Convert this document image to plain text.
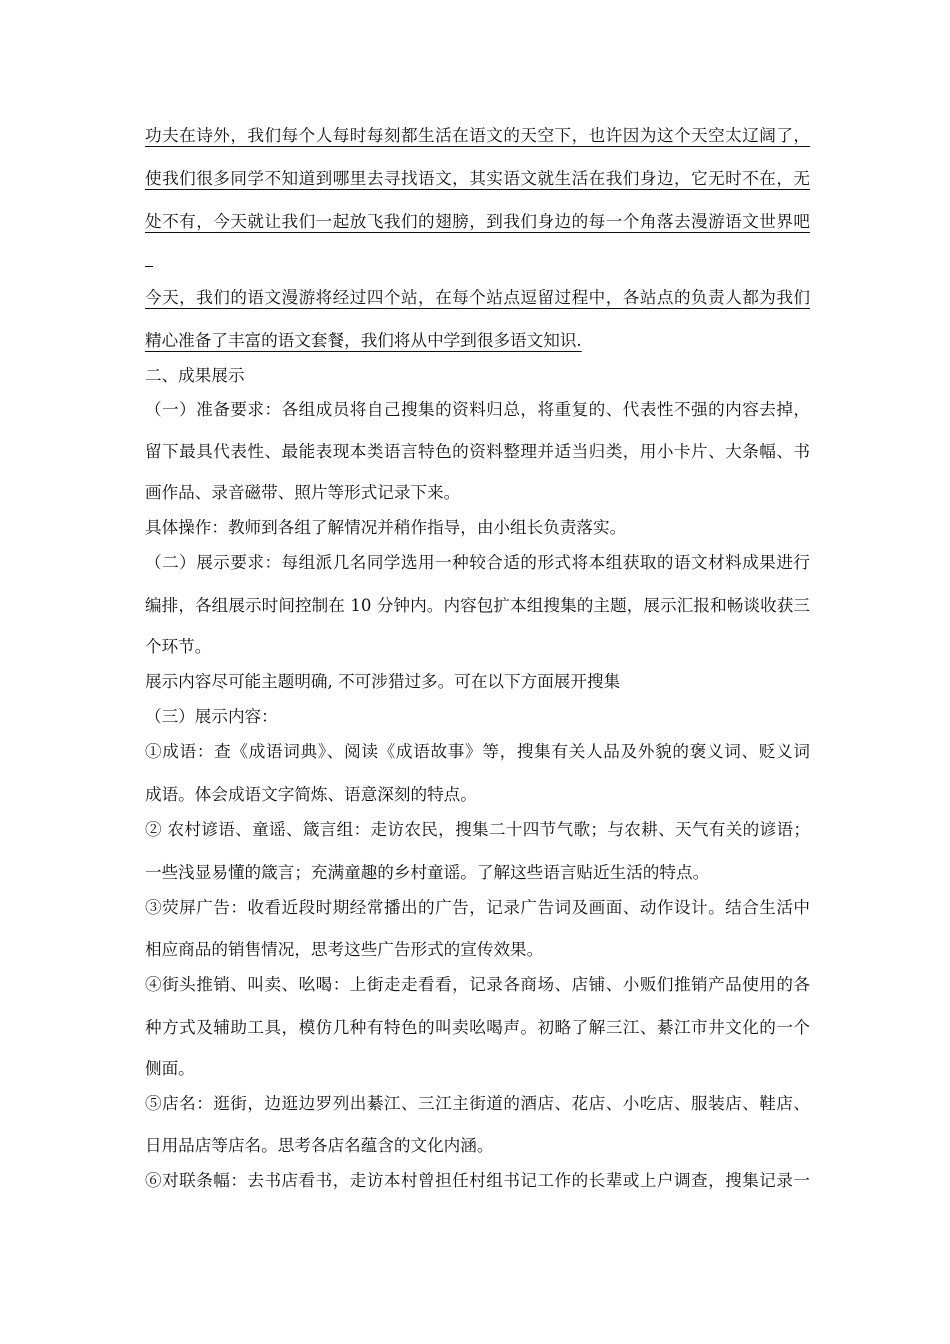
功夫在诗外，我们每个人每时每刻都生活在语文的天空下，也许因为这个天空太辽阔了，
使我们很多同学不知道到哪里去寻找语文，其实语文就生活在我们身边，它无时不在，无
处不有，今天就让我们一起放飞我们的翅膀，到我们身边的每一个角落去漫游语文世界吧
今天，我们的语文漫游将经过四个站，在每个站点逗留过程中，各站点的负责人都为我们
精心准备了丰富的语文套餐，我们将从中学到很多语文知识.
二、成果展示
（一）准备要求：各组成员将自己搜集的资料归总，将重复的、代表性不强的内容去掉，
留下最具代表性、最能表现本类语言特色的资料整理并适当归类，用小卡片、大条幅、书
画作品、录音磁带、照片等形式记录下来。
具体操作：教师到各组了解情况并稍作指导，由小组长负责落实。
（二）展示要求：每组派几名同学选用一种较合适的形式将本组获取的语文材料成果进行
编排，各组展示时间控制在 10 分钟内。内容包扩本组搜集的主题，展示汇报和畅谈收获三
个环节。
展示内容尽可能主题明确, 不可涉猎过多。可在以下方面展开搜集
（三）展示内容：
①成语：查《成语词典》、阅读《成语故事》等，搜集有关人品及外貌的褒义词、贬义词
成语。体会成语文字简炼、语意深刻的特点。
② 农村谚语、童谣、箴言组：走访农民，搜集二十四节气歌；与农耕、天气有关的谚语；
一些浅显易懂的箴言；充满童趣的乡村童谣。了解这些语言贴近生活的特点。
③荧屏广告：收看近段时期经常播出的广告，记录广告词及画面、动作设计。结合生活中
相应商品的销售情况，思考这些广告形式的宣传效果。
④街头推销、叫卖、吆喝：上街走走看看，记录各商场、店铺、小贩们推销产品使用的各
种方式及辅助工具，模仿几种有特色的叫卖吆喝声。初略了解三江、綦江市井文化的一个
侧面。
⑤店名：逛街，边逛边罗列出綦江、三江主街道的酒店、花店、小吃店、服装店、鞋店、
日用品店等店名。思考各店名蕴含的文化内涵。
⑥对联条幅：去书店看书，走访本村曾担任村组书记工作的长辈或上户调查，搜集记录一
